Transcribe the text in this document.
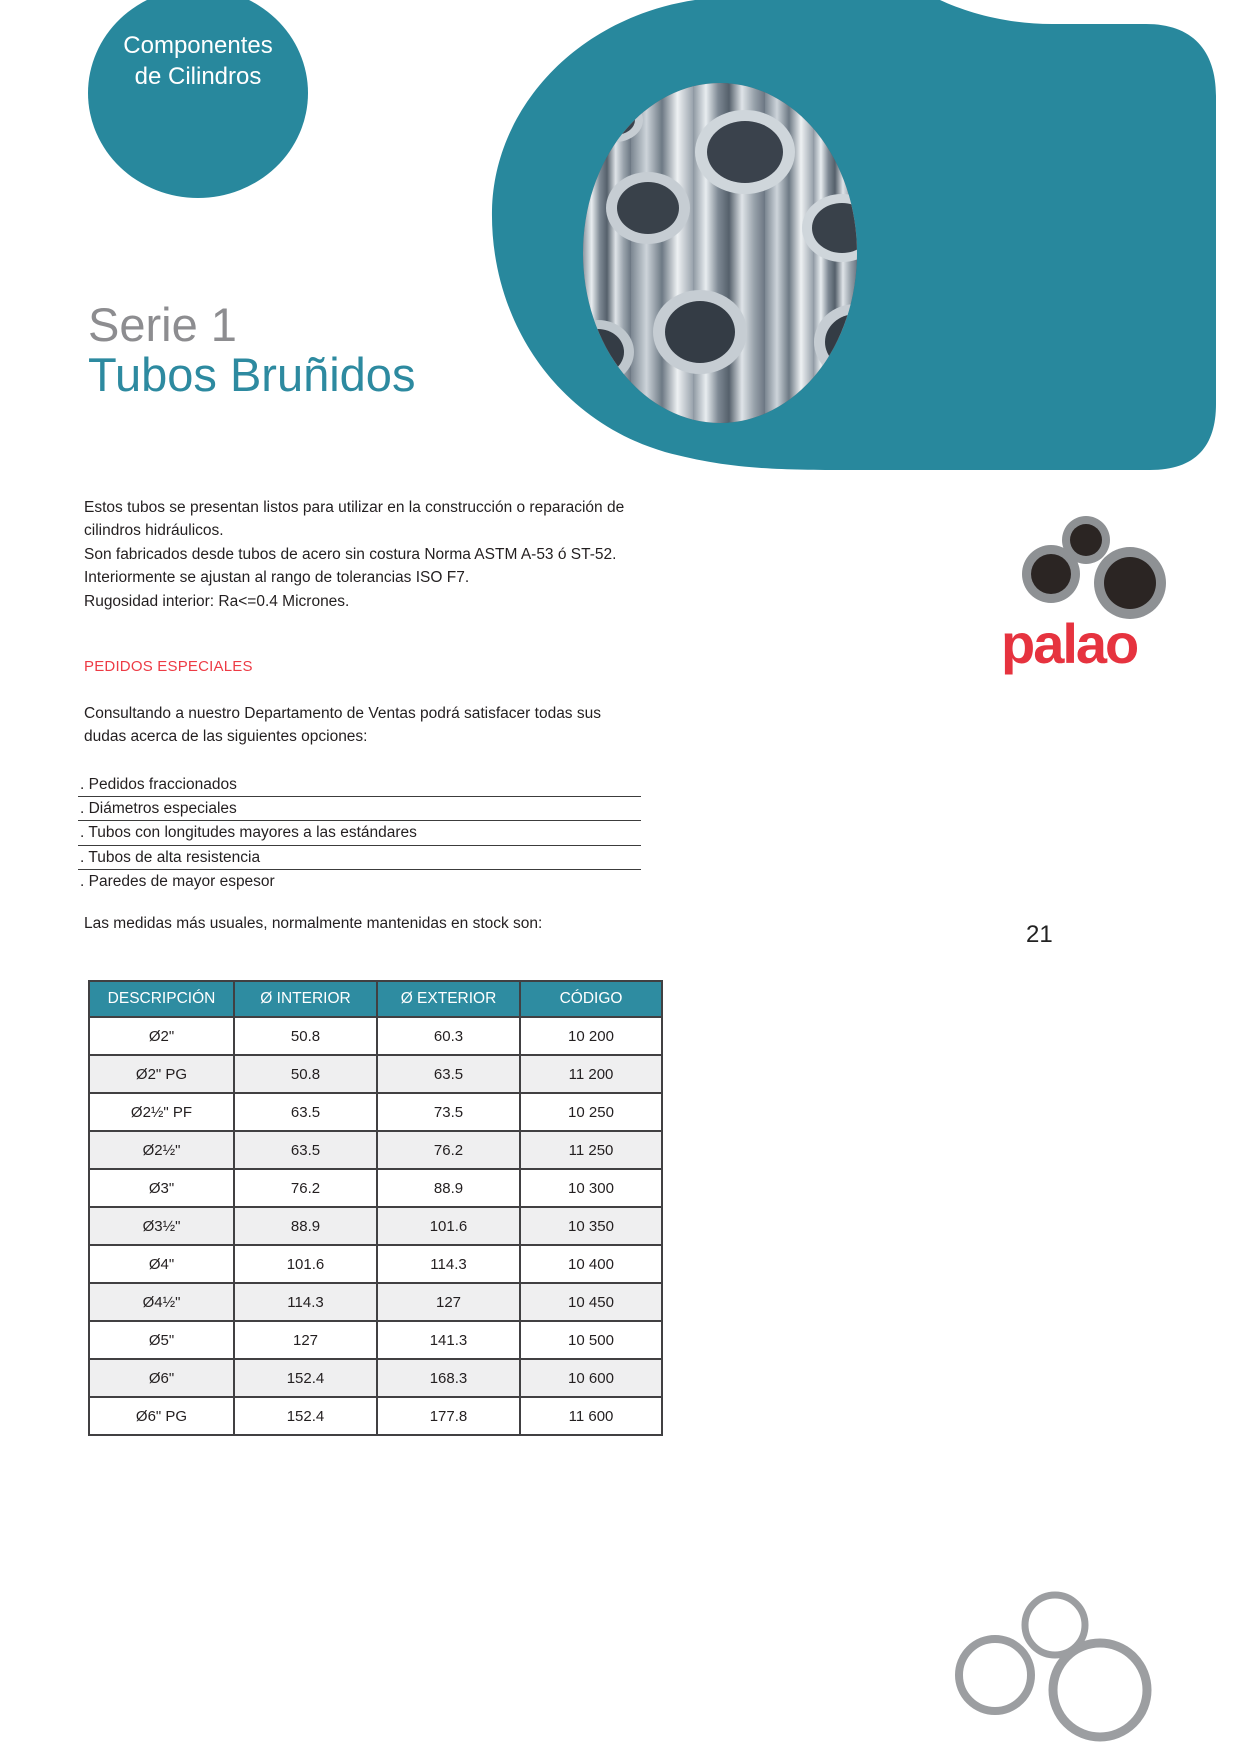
Componentes
de Cilindros
Serie 1
Tubos Bruñidos
Estos tubos se presentan listos para utilizar en la construcción o reparación de
cilindros hidráulicos.
Son fabricados desde tubos de acero sin costura Norma ASTM A-53 ó ST-52.
Interiormente se ajustan al rango de tolerancias ISO F7.
Rugosidad interior: Ra<=0.4 Micrones.
PEDIDOS ESPECIALES
Consultando a nuestro Departamento de Ventas podrá satisfacer todas sus
dudas acerca de las siguientes opciones:
. Pedidos fraccionados
. Diámetros especiales
. Tubos con longitudes mayores a las estándares
. Tubos de alta resistencia
. Paredes de mayor espesor
Las medidas más usuales, normalmente mantenidas en stock son:
DESCRIPCIÓN	Ø INTERIOR	Ø EXTERIOR	CÓDIGO
Ø2"	50.8	60.3	10 200
Ø2" PG	50.8	63.5	11 200
Ø2½" PF	63.5	73.5	10 250
Ø2½"	63.5	76.2	11 250
Ø3"	76.2	88.9	10 300
Ø3½"	88.9	101.6	10 350
Ø4"	101.6	114.3	10 400
Ø4½"	114.3	127	10 450
Ø5"	127	141.3	10 500
Ø6"	152.4	168.3	10 600
Ø6" PG	152.4	177.8	11 600
palao
21
